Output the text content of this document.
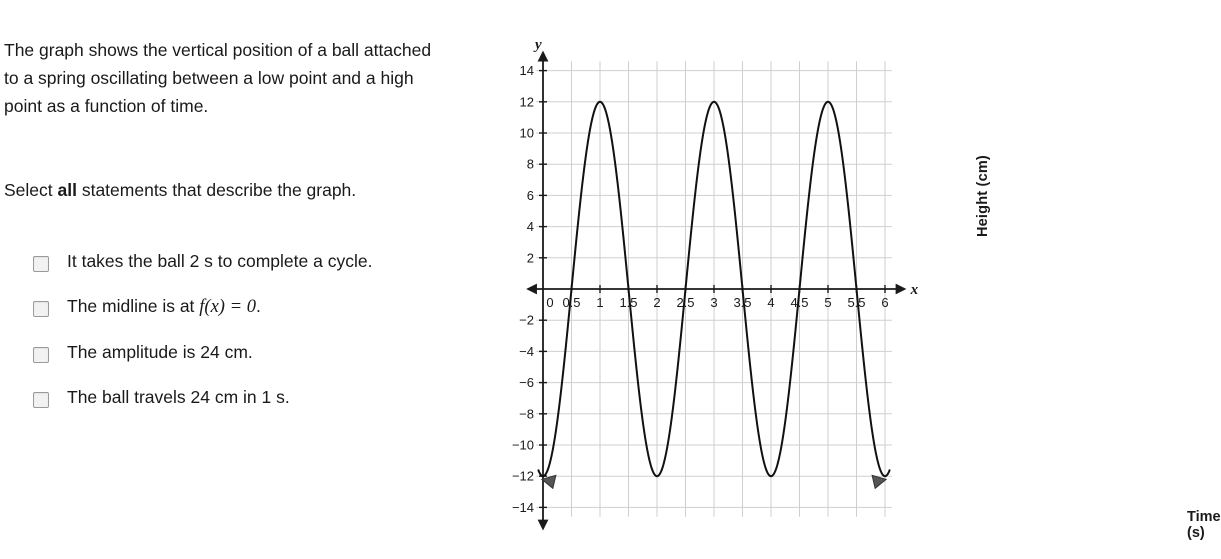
The graph shows the vertical position of a ball attached to a spring oscillating between a low point and a high point as a function of time.
Select all statements that describe the graph.
It takes the ball 2 s to complete a cycle.
The midline is at f(x) = 0.
The amplitude is 24 cm.
The ball travels 24 cm in 1 s.
Height (cm)
Time (s)
0.5 1 1.5 2 2.5 3 3.5 4 4.5 5 5.5 6
0
−14
−12
−10
−8
−6
−4
−2
2
4
6
8
10
12
14
y
x
